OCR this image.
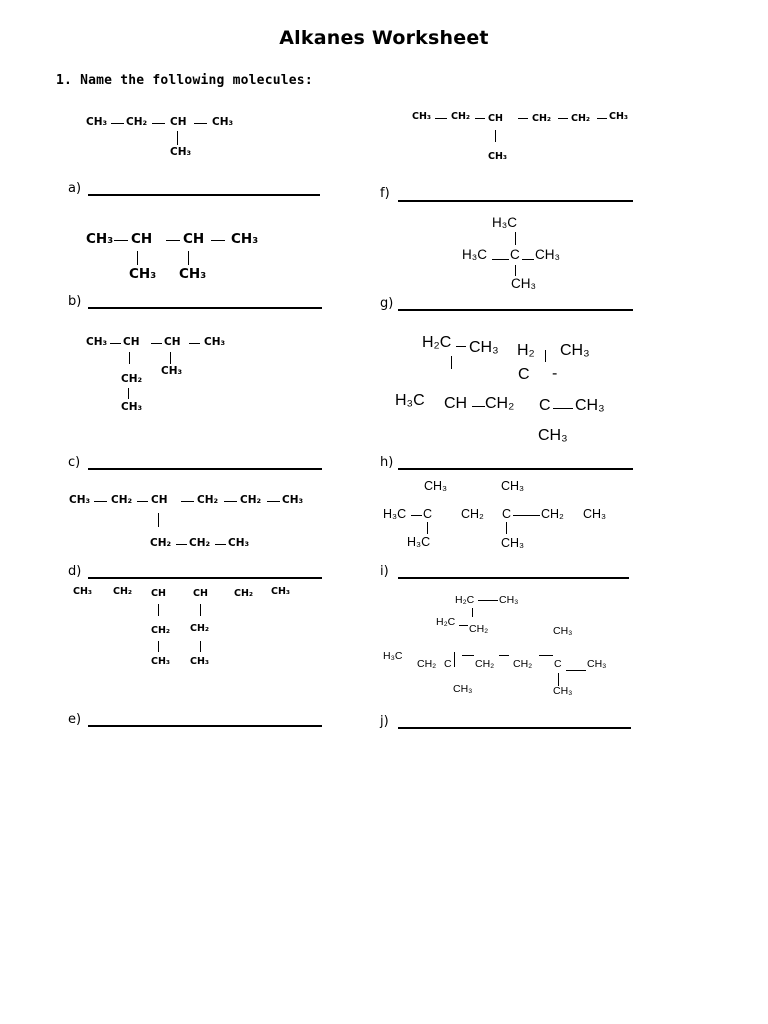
Alkanes Worksheet
1. Name the following molecules:
CH₃ CH₂ CH CH₃
CH₃
a)
CH₃ CH CH CH₃
CH₃ CH₃
b)
CH₃ CH CH CH₃
CH₃
CH₂
CH₃
c)
CH₃ CH₂ CH	CH₂ CH₂ CH₃
CH₂ CH₂ CH₃
d)
CH₃ CH₂ CH	CH	CH₂ CH₃
CH₂ CH₂
CH₃ CH₃
e)
CH₃ CH₂ CH	CH₂ CH₂ CH₃
CH₃
f)
H₃C
H₃C C CH₃
CH₃
g)
H₂C CH₃ H₂ CH₃
C -
H₃C CH CH₂ C CH₃
CH₃
h)
CH₃	CH₃
H₃C C CH₂ C CH₂ CH₃
H₃C	CH₃
i)
H₂C CH₃
H₂C
CH₂	CH₃
H₃C
CH₂ C CH₂ CH₂ C CH₃
CH₃	CH₃
j)
